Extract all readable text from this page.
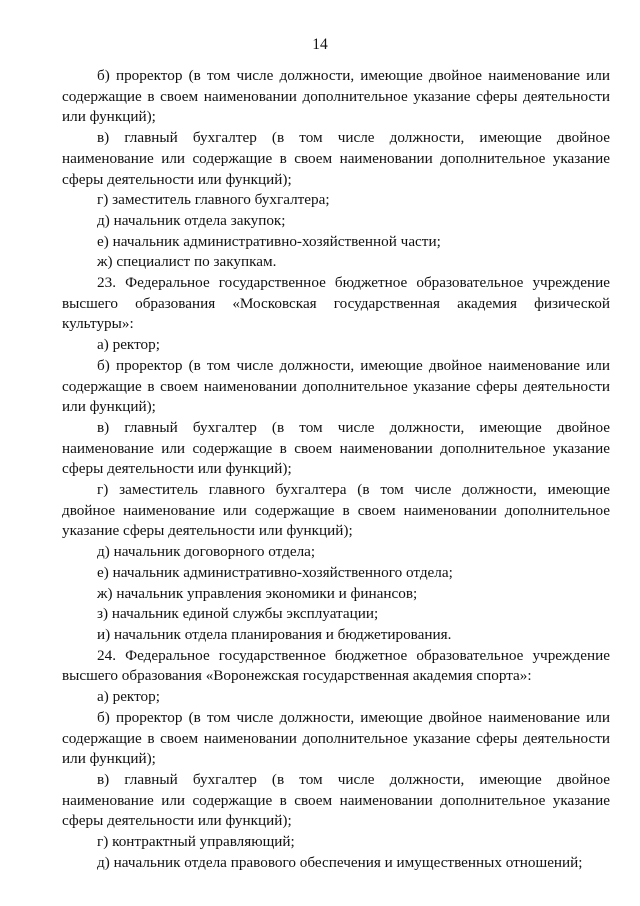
14

б) проректор (в том числе должности, имеющие двойное наименование или содержащие в своем наименовании дополнительное указание сферы деятельности или функций);

в) главный бухгалтер (в том числе должности, имеющие двойное наименование или содержащие в своем наименовании дополнительное указание сферы деятельности или функций);

г) заместитель главного бухгалтера;

д) начальник отдела закупок;

е) начальник административно-хозяйственной части;

ж) специалист по закупкам.

23. Федеральное государственное бюджетное образовательное учреждение высшего образования «Московская государственная академия физической культуры»:

а) ректор;

б) проректор (в том числе должности, имеющие двойное наименование или содержащие в своем наименовании дополнительное указание сферы деятельности или функций);

в) главный бухгалтер (в том числе должности, имеющие двойное наименование или содержащие в своем наименовании дополнительное указание сферы деятельности или функций);

г) заместитель главного бухгалтера (в том числе должности, имеющие двойное наименование или содержащие в своем наименовании дополнительное указание сферы деятельности или функций);

д) начальник договорного отдела;

е) начальник административно-хозяйственного отдела;

ж) начальник управления экономики и финансов;

з) начальник единой службы эксплуатации;

и) начальник отдела планирования и бюджетирования.

24. Федеральное государственное бюджетное образовательное учреждение высшего образования «Воронежская государственная академия спорта»:

а) ректор;

б) проректор (в том числе должности, имеющие двойное наименование или содержащие в своем наименовании дополнительное указание сферы деятельности или функций);

в) главный бухгалтер (в том числе должности, имеющие двойное наименование или содержащие в своем наименовании дополнительное указание сферы деятельности или функций);

г) контрактный управляющий;

д) начальник отдела правового обеспечения и имущественных отношений;
